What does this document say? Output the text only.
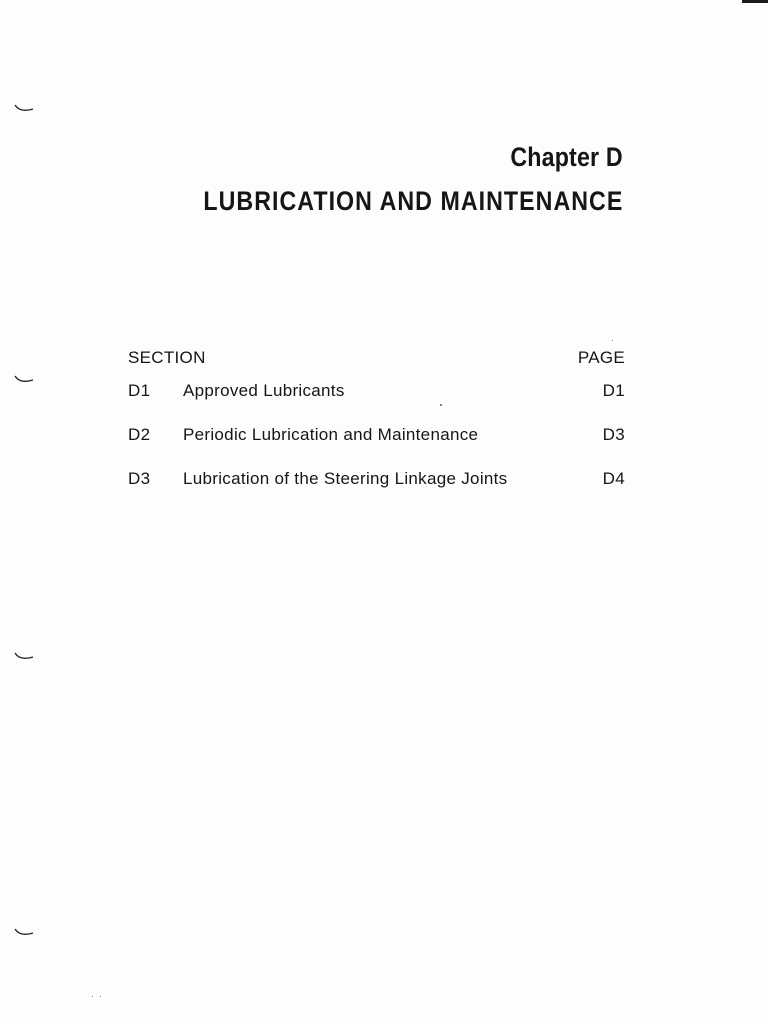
Chapter D
LUBRICATION AND MAINTENANCE
SECTION	PAGE
D1	Approved Lubricants	D1
D2	Periodic Lubrication and Maintenance	D3
D3	Lubrication of the Steering Linkage Joints	D4
